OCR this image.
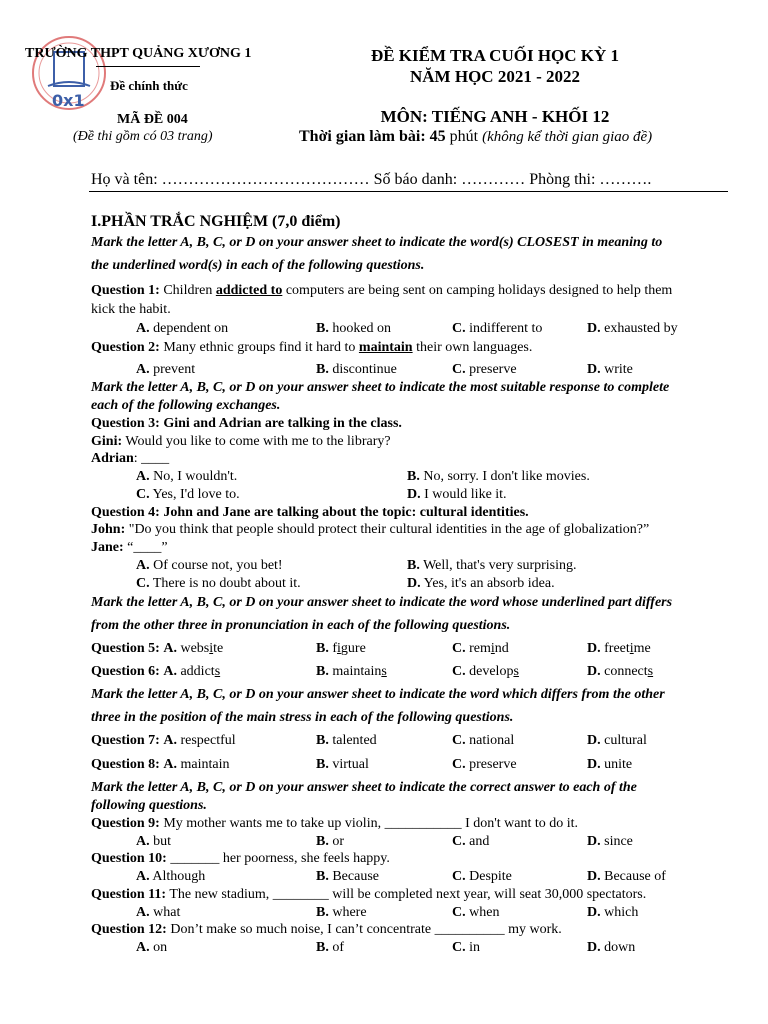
0x1
TRƯỜNG THPT QUẢNG XƯƠNG 1
Đề chính thức
MÃ ĐỀ 004
(Đề thi gồm có 03 trang)
ĐỀ KIỂM TRA CUỐI HỌC KỲ 1
NĂM HỌC 2021 - 2022
MÔN: TIẾNG ANH - KHỐI 12
Thời gian làm bài: 45 phút (không kể thời gian giao đề)
Họ và tên: ………………………………… Số báo danh: ………… Phòng thi: ……….
I.PHẦN TRẮC NGHIỆM (7,0 điểm)
Mark the letter A, B, C, or D on your answer sheet to indicate the word(s) CLOSEST in meaning to
the underlined word(s) in each of the following questions.
Question 1: Children addicted to computers are being sent on camping holidays designed to help them
kick the habit.
A. dependent on	B. hooked on	C. indifferent to	D. exhausted by
Question 2: Many ethnic groups find it hard to maintain their own languages.
A. prevent	B. discontinue	C. preserve	D. write
Mark the letter A, B, C, or D on your answer sheet to indicate the most suitable response to complete
each of the following exchanges.
Question 3: Gini and Adrian are talking in the class.
Gini: Would you like to come with me to the library?
Adrian: ____
A. No, I wouldn't.	B. No, sorry. I don't like movies.
C. Yes, I'd love to.	D. I would like it.
Question 4: John and Jane are talking about the topic: cultural identities.
John: "Do you think that people should protect their cultural identities in the age of globalization?”
Jane: “____”
A. Of course not, you bet!	B. Well, that's very surprising.
C. There is no doubt about it.	D. Yes, it's an absorb idea.
Mark the letter A, B, C, or D on your answer sheet to indicate the word whose underlined part differs
from the other three in pronunciation in each of the following questions.
Question 5: A. website	B. figure	C. remind	D. freetime
Question 6: A. addicts	B. maintains	C. develops	D. connects
Mark the letter A, B, C, or D on your answer sheet to indicate the word which differs from the other
three in the position of the main stress in each of the following questions.
Question 7: A. respectful	B. talented	C. national	D. cultural
Question 8: A. maintain	B. virtual	C. preserve	D. unite
Mark the letter A, B, C, or D on your answer sheet to indicate the correct answer to each of the
following questions.
Question 9: My mother wants me to take up violin, ___________ I don't want to do it.
A. but	B. or	C. and	D. since
Question 10: _______ her poorness, she feels happy.
A. Although	B. Because	C. Despite	D. Because of
Question 11: The new stadium, ________ will be completed next year, will seat 30,000 spectators.
A. what	B. where	C. when	D. which
Question 12: Don’t make so much noise, I can’t concentrate __________ my work.
A. on	B. of	C. in	D. down
